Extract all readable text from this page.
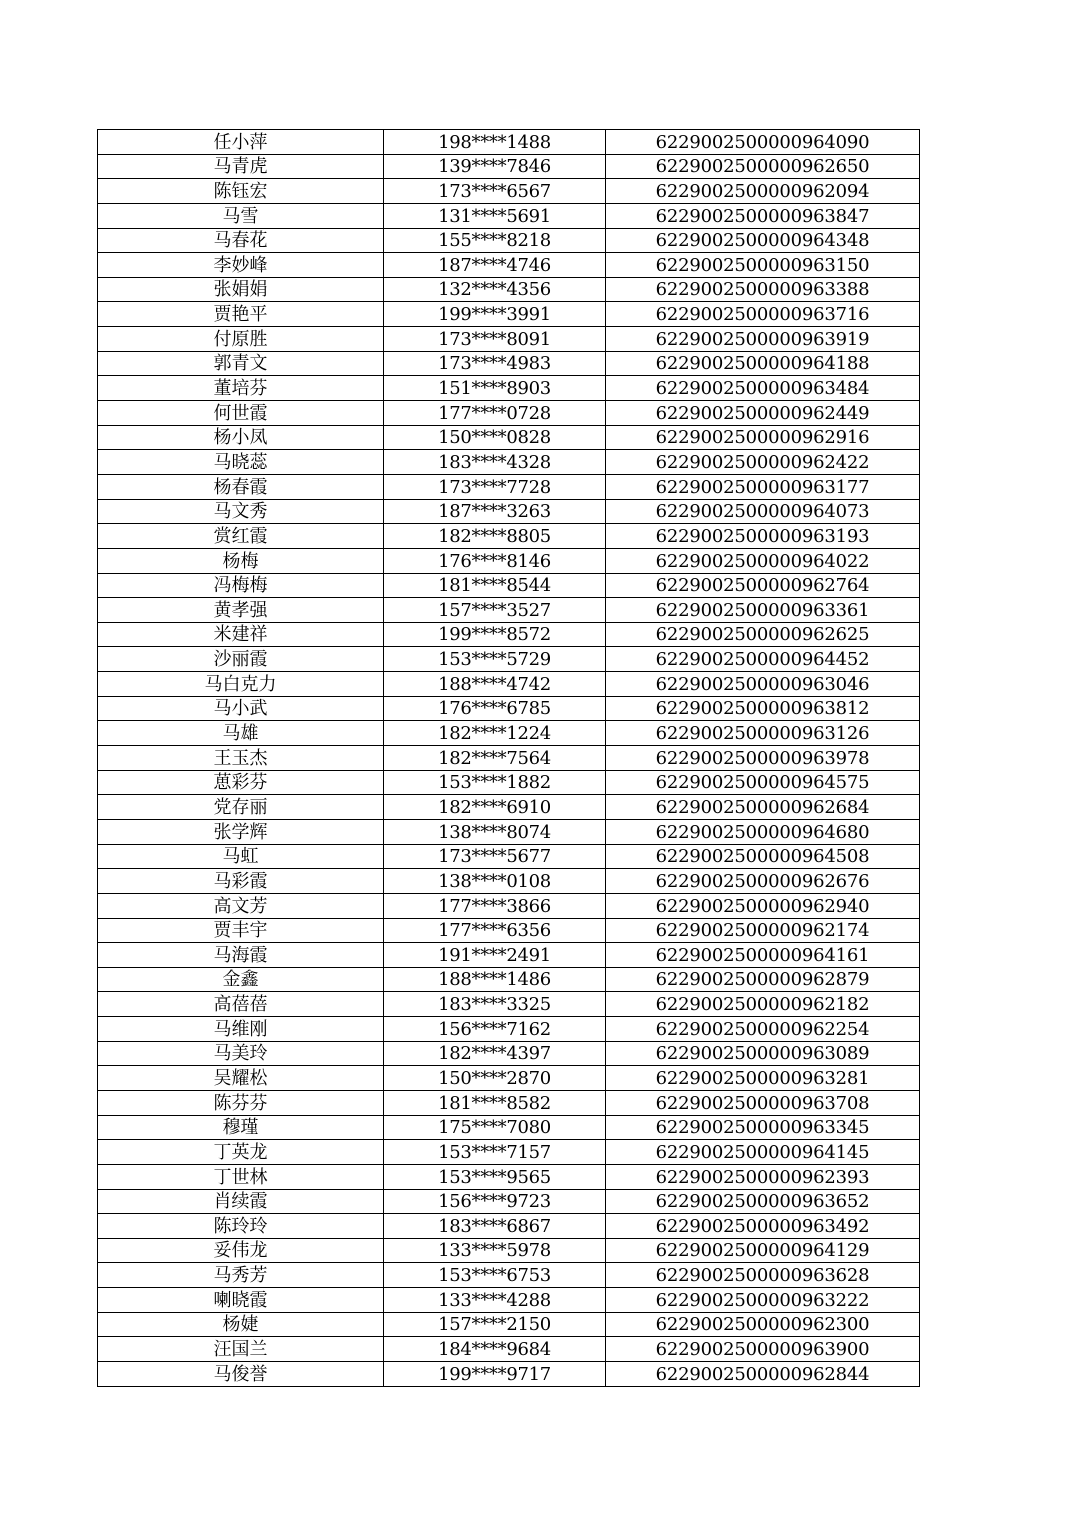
任小萍	198****1488	6229002500000964090
马青虎	139****7846	6229002500000962650
陈钰宏	173****6567	6229002500000962094
马雪	131****5691	6229002500000963847
马春花	155****8218	6229002500000964348
李妙峰	187****4746	6229002500000963150
张娟娟	132****4356	6229002500000963388
贾艳平	199****3991	6229002500000963716
付原胜	173****8091	6229002500000963919
郭青文	173****4983	6229002500000964188
董培芬	151****8903	6229002500000963484
何世霞	177****0728	6229002500000962449
杨小凤	150****0828	6229002500000962916
马晓蕊	183****4328	6229002500000962422
杨春霞	173****7728	6229002500000963177
马文秀	187****3263	6229002500000964073
赏红霞	182****8805	6229002500000963193
杨梅	176****8146	6229002500000964022
冯梅梅	181****8544	6229002500000962764
黄孝强	157****3527	6229002500000963361
米建祥	199****8572	6229002500000962625
沙丽霞	153****5729	6229002500000964452
马白克力	188****4742	6229002500000963046
马小武	176****6785	6229002500000963812
马雄	182****1224	6229002500000963126
王玉杰	182****7564	6229002500000963978
葸彩芬	153****1882	6229002500000964575
党存丽	182****6910	6229002500000962684
张学辉	138****8074	6229002500000964680
马虹	173****5677	6229002500000964508
马彩霞	138****0108	6229002500000962676
高文芳	177****3866	6229002500000962940
贾丰宇	177****6356	6229002500000962174
马海霞	191****2491	6229002500000964161
金鑫	188****1486	6229002500000962879
高蓓蓓	183****3325	6229002500000962182
马维刚	156****7162	6229002500000962254
马美玲	182****4397	6229002500000963089
吴耀松	150****2870	6229002500000963281
陈芬芬	181****8582	6229002500000963708
穆瑾	175****7080	6229002500000963345
丁英龙	153****7157	6229002500000964145
丁世林	153****9565	6229002500000962393
肖续霞	156****9723	6229002500000963652
陈玲玲	183****6867	6229002500000963492
妥伟龙	133****5978	6229002500000964129
马秀芳	153****6753	6229002500000963628
喇晓霞	133****4288	6229002500000963222
杨婕	157****2150	6229002500000962300
汪国兰	184****9684	6229002500000963900
马俊誉	199****9717	6229002500000962844
